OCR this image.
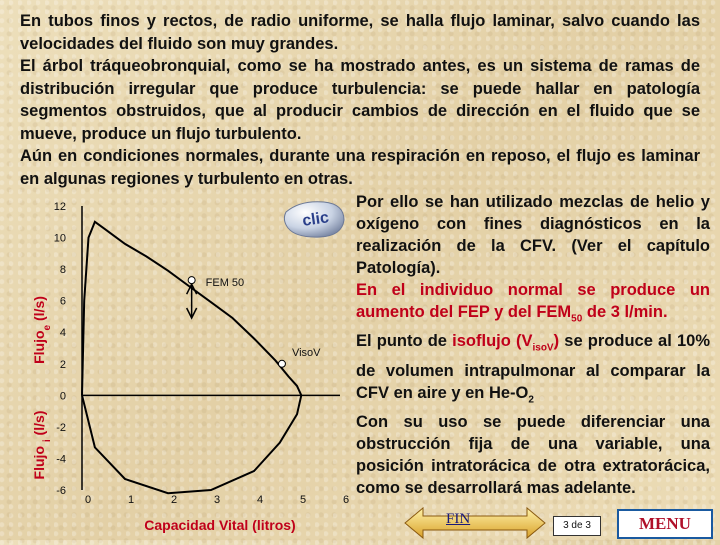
En tubos finos y rectos, de radio uniforme, se halla flujo laminar, salvo cuando las velocidades del fluido son muy grandes.

El árbol tráqueobronquial, como se ha mostrado antes, es un sistema de ramas de distribución irregular que produce turbulencia: se puede hallar en patología segmentos obstruidos, que al producir cambios de dirección en el fluido que se mueve, produce un flujo turbulento.

Aún en condiciones normales, durante una respiración en reposo, el flujo es laminar en algunas regiones y turbulento en otras.

12
10
8
6
4
2
0
-2
-4
-6
0	1	2	3	4	5	6
FEM 50
VisoV
Flujo$_e$ (l/s)
Flujo $_i$ (l/s)
Capacidad Vital (litros)
clic

Por ello se han utilizado mezclas de helio y oxígeno con fines diagnósticos en la realización de la CFV. (Ver el capítulo Patología).

En el individuo normal se produce un aumento del FEP y del $FEM_{50}$ de 3 l/min.

El punto de isoflujo $(V_{isoV})$ se produce al 10% de volumen intrapulmonar al comparar la CFV en aire y en $He-O_2$

Con su uso se puede diferenciar una obstrucción fija de una variable, una posición intratorácica de otra extratorácica, como se desarrollará mas adelante.

FIN	3 de 3	MENU
